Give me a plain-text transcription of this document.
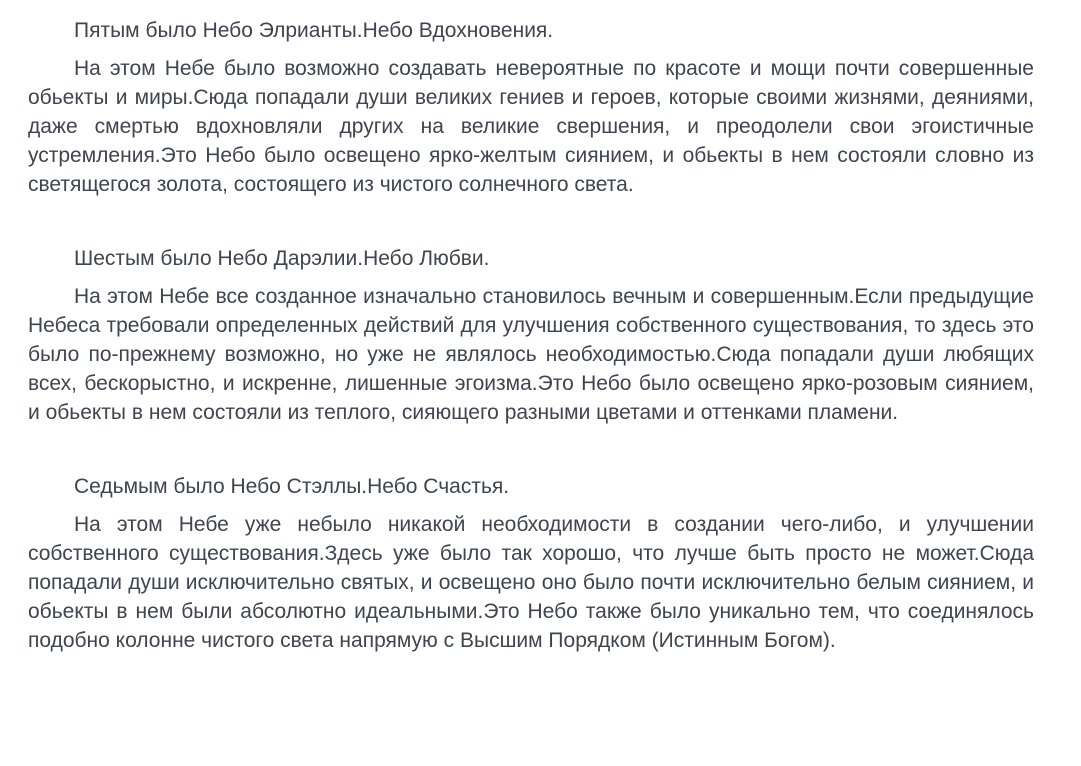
Пятым было Небо Элрианты.Небо Вдохновения.

На этом Небе было возможно создавать невероятные по красоте и мощи почти совершенные обьекты и миры.Сюда попадали души великих гениев и героев, которые своими жизнями, деяниями, даже смертью вдохновляли других на великие свершения, и преодолели свои эгоистичные устремления.Это Небо было освещено ярко-желтым сиянием, и обьекты в нем состояли словно из светящегося золота, состоящего из чистого солнечного света.

Шестым было Небо Дарэлии.Небо Любви.

На этом Небе все созданное изначально становилось вечным и совершенным.Если предыдущие Небеса требовали определенных действий для улучшения собственного существования, то здесь это было по-прежнему возможно, но уже не являлось необходимостью.Сюда попадали души любящих всех, бескорыстно, и искренне, лишенные эгоизма.Это Небо было освещено ярко-розовым сиянием, и обьекты в нем состояли из теплого, сияющего разными цветами и оттенками пламени.

Седьмым было Небо Стэллы.Небо Счастья.

На этом Небе уже небыло никакой необходимости в создании чего-либо, и улучшении собственного существования.Здесь уже было так хорошо, что лучше быть просто не может.Сюда попадали души исключительно святых, и освещено оно было почти исключительно белым сиянием, и обьекты в нем были абсолютно идеальными.Это Небо также было уникально тем, что соединялось подобно колонне чистого света напрямую с Высшим Порядком (Истинным Богом).
